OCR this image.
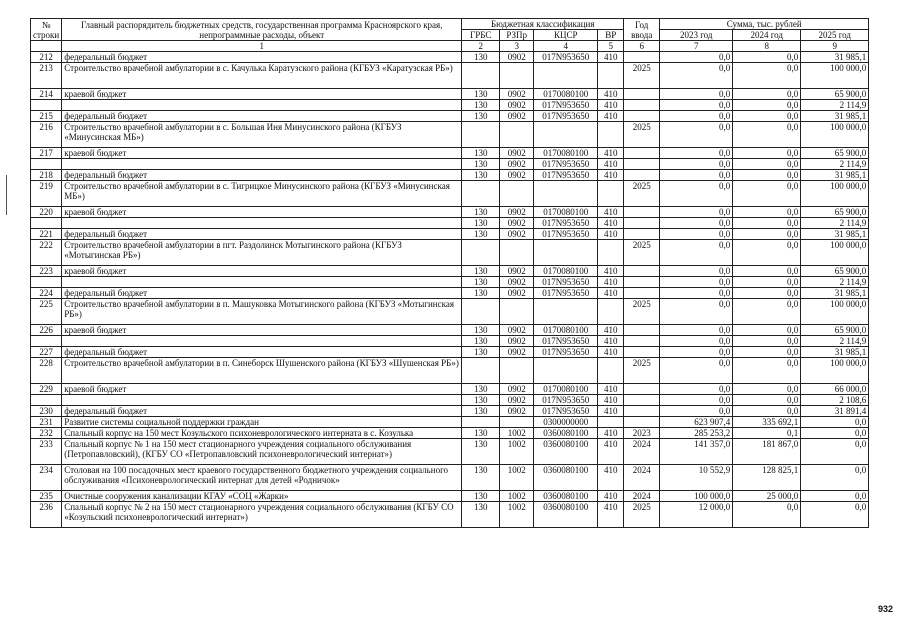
№ строки	Главный распорядитель бюджетных средств, государственная программа Красноярского края, непрограммные расходы, объект	Бюджетная классификация				Год ввода	Сумма, тыс. рублей		
		ГРБС	РЗПр	КЦСР	ВР		2023 год	2024 год	2025 год
	1	2	3	4	5	6	7	8	9
212	федеральный бюджет	130	0902	017N953650	410		0,0	0,0	31 985,1
213	Строительство врачебной амбулатории в с. Качулька Каратузского района (КГБУЗ «Каратузская РБ»)					2025	0,0	0,0	100 000,0
214	краевой бюджет	130	0902	0170080100	410		0,0	0,0	65 900,0
		130	0902	017N953650	410		0,0	0,0	2 114,9
215	федеральный бюджет	130	0902	017N953650	410		0,0	0,0	31 985,1
216	Строительство врачебной амбулатории в с. Большая Иня Минусинского района (КГБУЗ «Минусинская МБ»)					2025	0,0	0,0	100 000,0
217	краевой бюджет	130	0902	0170080100	410		0,0	0,0	65 900,0
		130	0902	017N953650	410		0,0	0,0	2 114,9
218	федеральный бюджет	130	0902	017N953650	410		0,0	0,0	31 985,1
219	Строительство врачебной амбулатории в с. Тигрицкое Минусинского района (КГБУЗ «Минусинская МБ»)					2025	0,0	0,0	100 000,0
220	краевой бюджет	130	0902	0170080100	410		0,0	0,0	65 900,0
		130	0902	017N953650	410		0,0	0,0	2 114,9
221	федеральный бюджет	130	0902	017N953650	410		0,0	0,0	31 985,1
222	Строительство врачебной амбулатории в пгт. Раздолинск Мотыгинского района (КГБУЗ «Мотыгинская РБ»)					2025	0,0	0,0	100 000,0
223	краевой бюджет	130	0902	0170080100	410		0,0	0,0	65 900,0
		130	0902	017N953650	410		0,0	0,0	2 114,9
224	федеральный бюджет	130	0902	017N953650	410		0,0	0,0	31 985,1
225	Строительство врачебной амбулатории в п. Машуковка Мотыгинского района (КГБУЗ «Мотыгинская РБ»)					2025	0,0	0,0	100 000,0
226	краевой бюджет	130	0902	0170080100	410		0,0	0,0	65 900,0
		130	0902	017N953650	410		0,0	0,0	2 114,9
227	федеральный бюджет	130	0902	017N953650	410		0,0	0,0	31 985,1
228	Строительство врачебной амбулатории в п. Синеборск Шушенского района (КГБУЗ «Шушенская РБ»)					2025	0,0	0,0	100 000,0
229	краевой бюджет	130	0902	0170080100	410		0,0	0,0	66 000,0
		130	0902	017N953650	410		0,0	0,0	2 108,6
230	федеральный бюджет	130	0902	017N953650	410		0,0	0,0	31 891,4
231	Развитие системы социальной поддержки граждан			0300000000			623 907,4	335 692,1	0,0
232	Спальный корпус на 150 мест Козульского психоневрологического интерната в с. Козулька	130	1002	0360080100	410	2023	285 253,2	0,1	0,0
233	Спальный корпус № 1 на 150 мест стационарного учреждения социального обслуживания (Петропавловский), (КГБУ СО «Петропавловский психоневрологический интернат»)	130	1002	0360080100	410	2024	141 357,0	181 867,0	0,0
234	Столовая на 100 посадочных мест краевого государственного бюджетного учреждения социального обслуживания «Психоневрологический интернат для детей «Родничок»	130	1002	0360080100	410	2024	10 552,9	128 825,1	0,0
235	Очистные сооружения канализации КГАУ «СОЦ «Жарки»	130	1002	0360080100	410	2024	100 000,0	25 000,0	0,0
236	Спальный корпус № 2 на 150 мест стационарного учреждения социального обслуживания (КГБУ СО «Козульский психоневрологический интернат»)	130	1002	0360080100	410	2025	12 000,0	0,0	0,0
932
